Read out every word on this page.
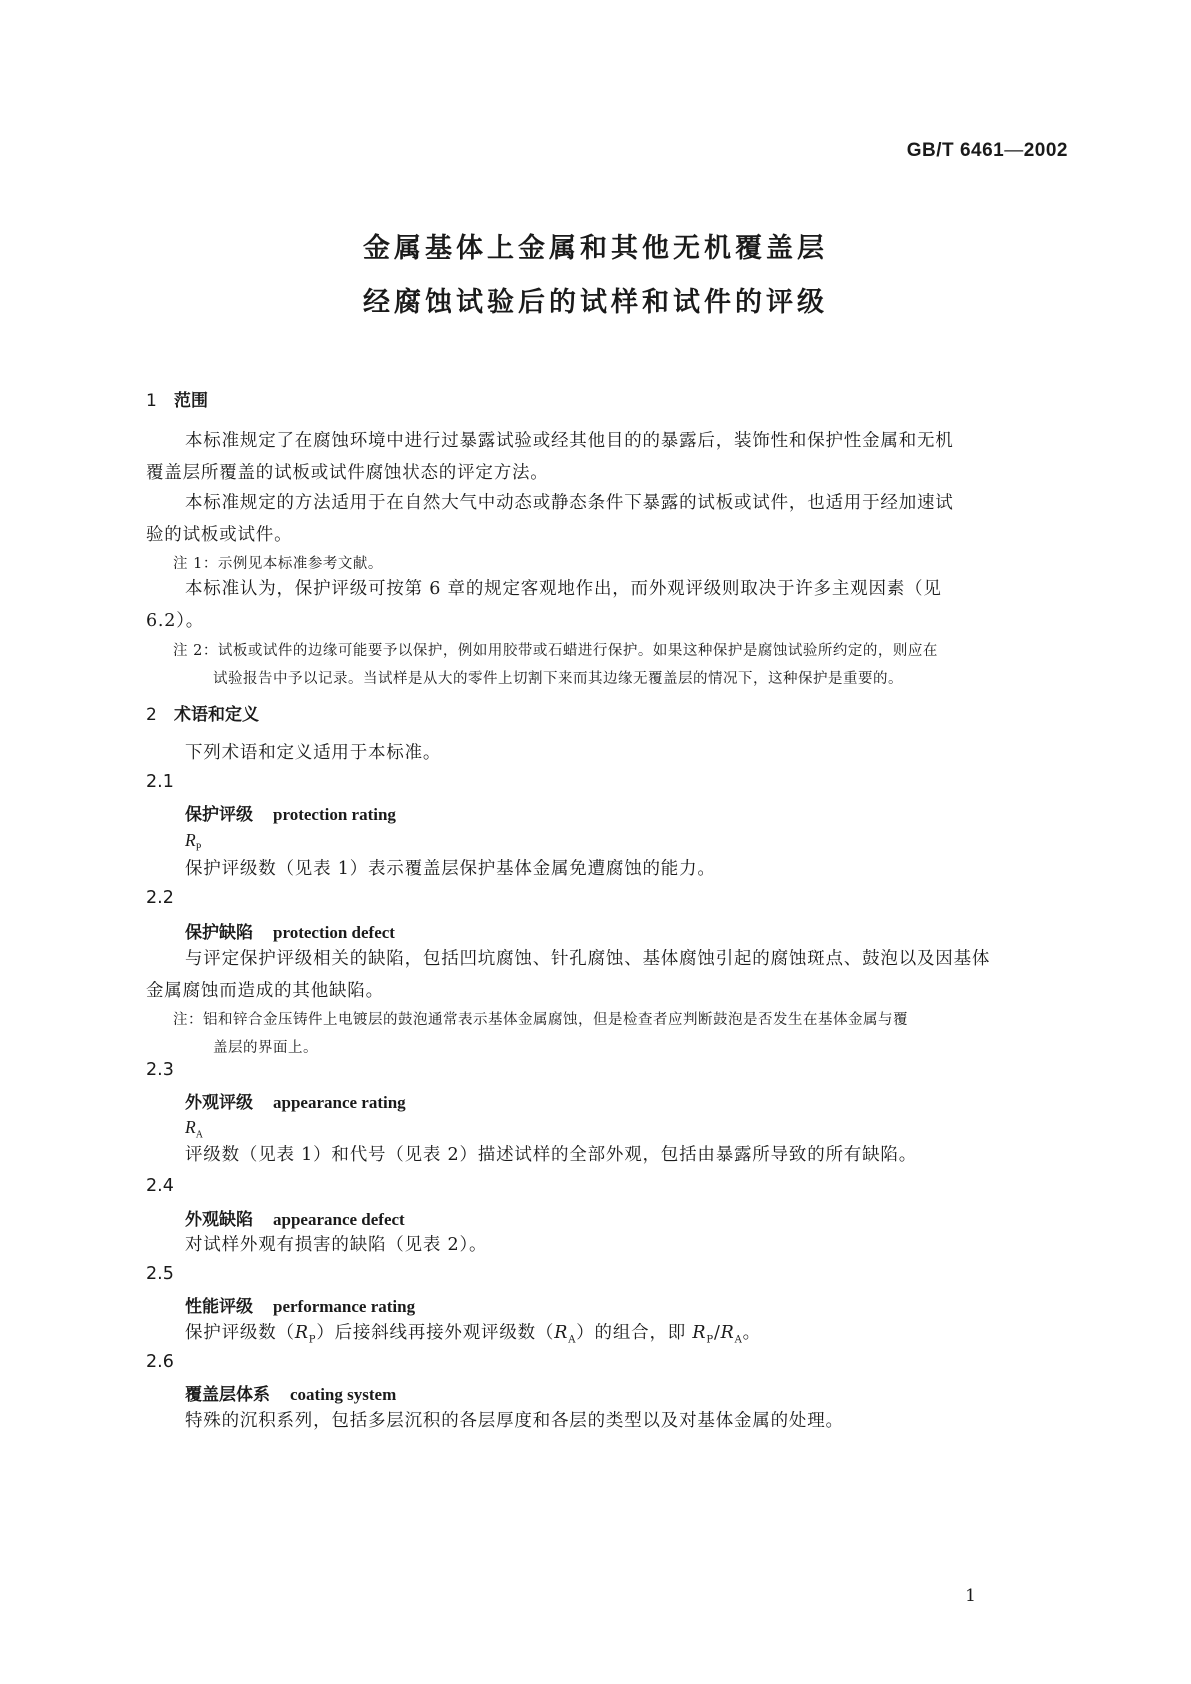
GB/T 6461—2002
金属基体上金属和其他无机覆盖层
经腐蚀试验后的试样和试件的评级
1 范围
本标准规定了在腐蚀环境中进行过暴露试验或经其他目的的暴露后，装饰性和保护性金属和无机
覆盖层所覆盖的试板或试件腐蚀状态的评定方法。
本标准规定的方法适用于在自然大气中动态或静态条件下暴露的试板或试件，也适用于经加速试
验的试板或试件。
注 1：示例见本标准参考文献。
本标准认为，保护评级可按第 6 章的规定客观地作出，而外观评级则取决于许多主观因素（见
6.2）。
注 2：试板或试件的边缘可能要予以保护，例如用胶带或石蜡进行保护。如果这种保护是腐蚀试验所约定的，则应在
试验报告中予以记录。当试样是从大的零件上切割下来而其边缘无覆盖层的情况下，这种保护是重要的。
2 术语和定义
下列术语和定义适用于本标准。
2.1
保护评级 protection rating
$R_P$
保护评级数（见表 1）表示覆盖层保护基体金属免遭腐蚀的能力。
2.2
保护缺陷 protection defect
与评定保护评级相关的缺陷，包括凹坑腐蚀、针孔腐蚀、基体腐蚀引起的腐蚀斑点、鼓泡以及因基体
金属腐蚀而造成的其他缺陷。
注：铝和锌合金压铸件上电镀层的鼓泡通常表示基体金属腐蚀，但是检查者应判断鼓泡是否发生在基体金属与覆
盖层的界面上。
2.3
外观评级 appearance rating
$R_A$
评级数（见表 1）和代号（见表 2）描述试样的全部外观，包括由暴露所导致的所有缺陷。
2.4
外观缺陷 appearance defect
对试样外观有损害的缺陷（见表 2）。
2.5
性能评级 performance rating
保护评级数$(R_P)$后接斜线再接外观评级数$(R_A)$的组合，即 $R_P/R_A$。
2.6
覆盖层体系 coating system
特殊的沉积系列，包括多层沉积的各层厚度和各层的类型以及对基体金属的处理。
1
